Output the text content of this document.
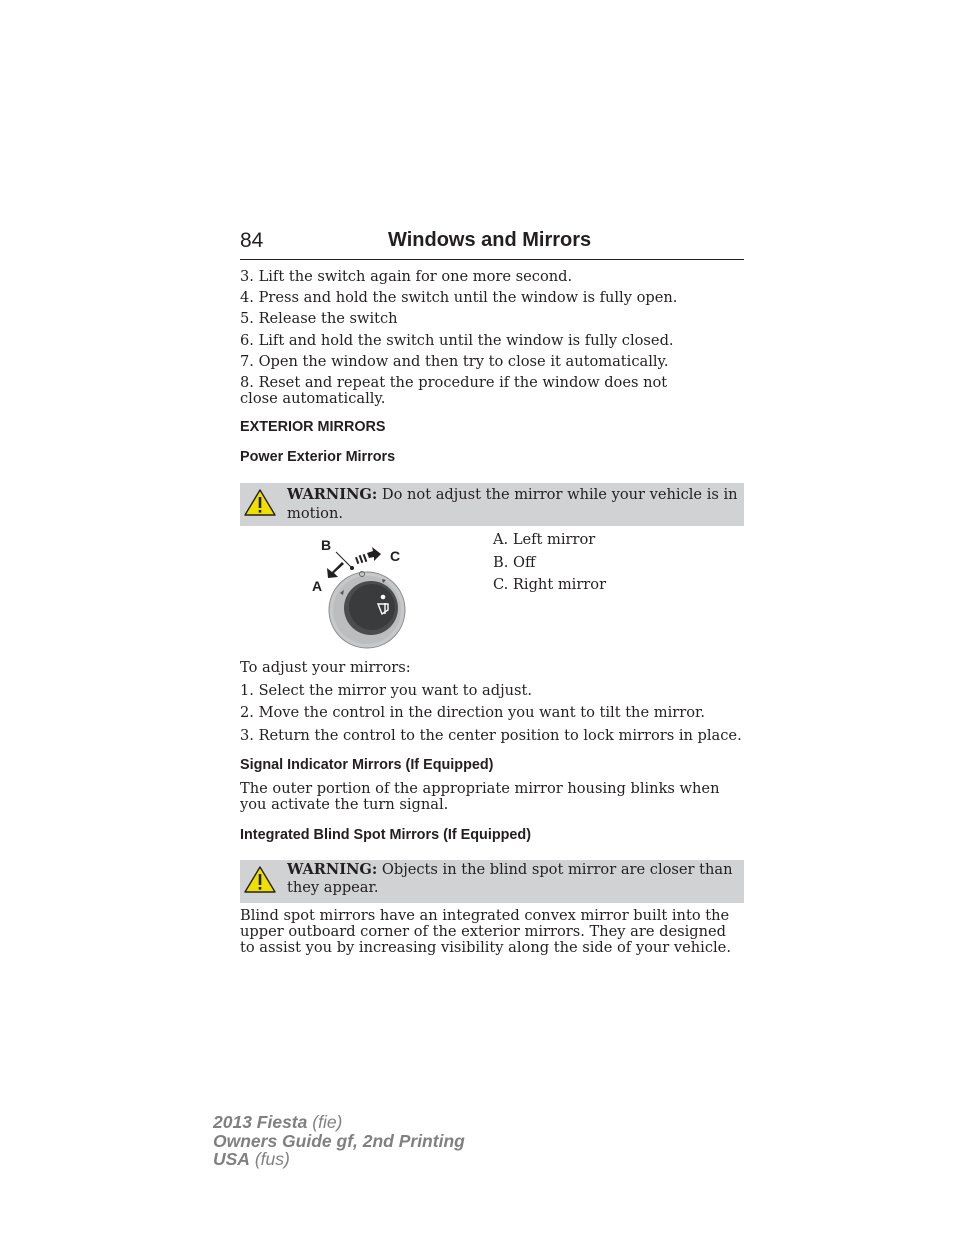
84	Windows and Mirrors
3. Lift the switch again for one more second.
4. Press and hold the switch until the window is fully open.
5. Release the switch
6. Lift and hold the switch until the window is fully closed.
7. Open the window and then try to close it automatically.
8. Reset and repeat the procedure if the window does not close automatically.
EXTERIOR MIRRORS
Power Exterior Mirrors
WARNING: Do not adjust the mirror while your vehicle is in motion.
B
C
A
A. Left mirror
B. Off
C. Right mirror
To adjust your mirrors:
1. Select the mirror you want to adjust.
2. Move the control in the direction you want to tilt the mirror.
3. Return the control to the center position to lock mirrors in place.
Signal Indicator Mirrors (If Equipped)
The outer portion of the appropriate mirror housing blinks when you activate the turn signal.
Integrated Blind Spot Mirrors (If Equipped)
WARNING: Objects in the blind spot mirror are closer than they appear.
Blind spot mirrors have an integrated convex mirror built into the upper outboard corner of the exterior mirrors. They are designed to assist you by increasing visibility along the side of your vehicle.
2013 Fiesta (fie)
Owners Guide gf, 2nd Printing
USA (fus)
